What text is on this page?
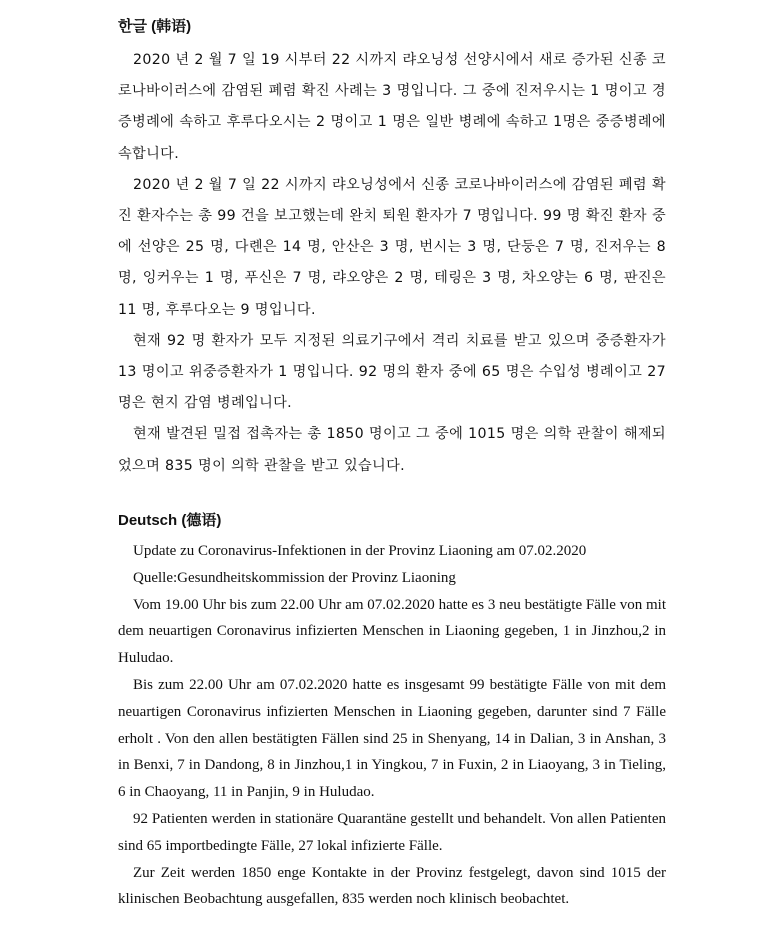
한글 (韩语)

2020 년 2 월 7 일 19 시부터 22 시까지 랴오닝성 선양시에서 새로 증가된 신종 코로나바이러스에 감염된 폐렴 확진 사례는 3 명입니다. 그 중에 진저우시는 1 명이고 경증병례에 속하고 후루다오시는 2 명이고 1 명은 일반 병례에 속하고 1명은 중증병례에 속합니다.

2020 년 2 월 7 일 22 시까지 랴오닝성에서 신종 코로나바이러스에 감염된 폐렴 확진 환자수는 총 99 건을 보고했는데 완치 퇴원 환자가 7 명입니다. 99 명 확진 환자 중에 선양은 25 명, 다롄은 14 명, 안산은 3 명, 번시는 3 명, 단둥은 7 명, 진저우는 8 명, 잉커우는 1 명, 푸신은 7 명, 랴오양은 2 명, 테링은 3 명, 차오양는 6 명, 판진은 11 명, 후루다오는 9 명입니다.

현재 92 명 환자가 모두 지정된 의료기구에서 격리 치료를 받고 있으며 중증환자가 13 명이고 위중증환자가 1 명입니다. 92 명의 환자 중에 65 명은 수입성 병례이고 27 명은 현지 감염 병례입니다.

현재 발견된 밀접 접촉자는 총 1850 명이고 그 중에 1015 명은 의학 관찰이 해제되었으며 835 명이 의학 관찰을 받고 있습니다.

Deutsch (德语)

Update zu Coronavirus-Infektionen in der Provinz Liaoning am 07.02.2020

Quelle:Gesundheitskommission der Provinz Liaoning

Vom 19.00 Uhr bis zum 22.00 Uhr am 07.02.2020 hatte es 3 neu bestätigte Fälle von mit dem neuartigen Coronavirus infizierten Menschen in Liaoning gegeben, 1 in Jinzhou,2 in Huludao.

Bis zum 22.00 Uhr am 07.02.2020 hatte es insgesamt 99 bestätigte Fälle von mit dem neuartigen Coronavirus infizierten Menschen in Liaoning gegeben, darunter sind 7 Fälle erholt . Von den allen bestätigten Fällen sind 25 in Shenyang, 14 in Dalian, 3 in Anshan, 3 in Benxi, 7 in Dandong, 8 in Jinzhou,1 in Yingkou, 7 in Fuxin, 2 in Liaoyang, 3 in Tieling, 6 in Chaoyang, 11 in Panjin, 9 in Huludao.

92 Patienten werden in stationäre Quarantäne gestellt und behandelt. Von allen Patienten sind 65 importbedingte Fälle, 27 lokal infizierte Fälle.

Zur Zeit werden 1850 enge Kontakte in der Provinz festgelegt, davon sind 1015 der klinischen Beobachtung ausgefallen, 835 werden noch klinisch beobachtet.
